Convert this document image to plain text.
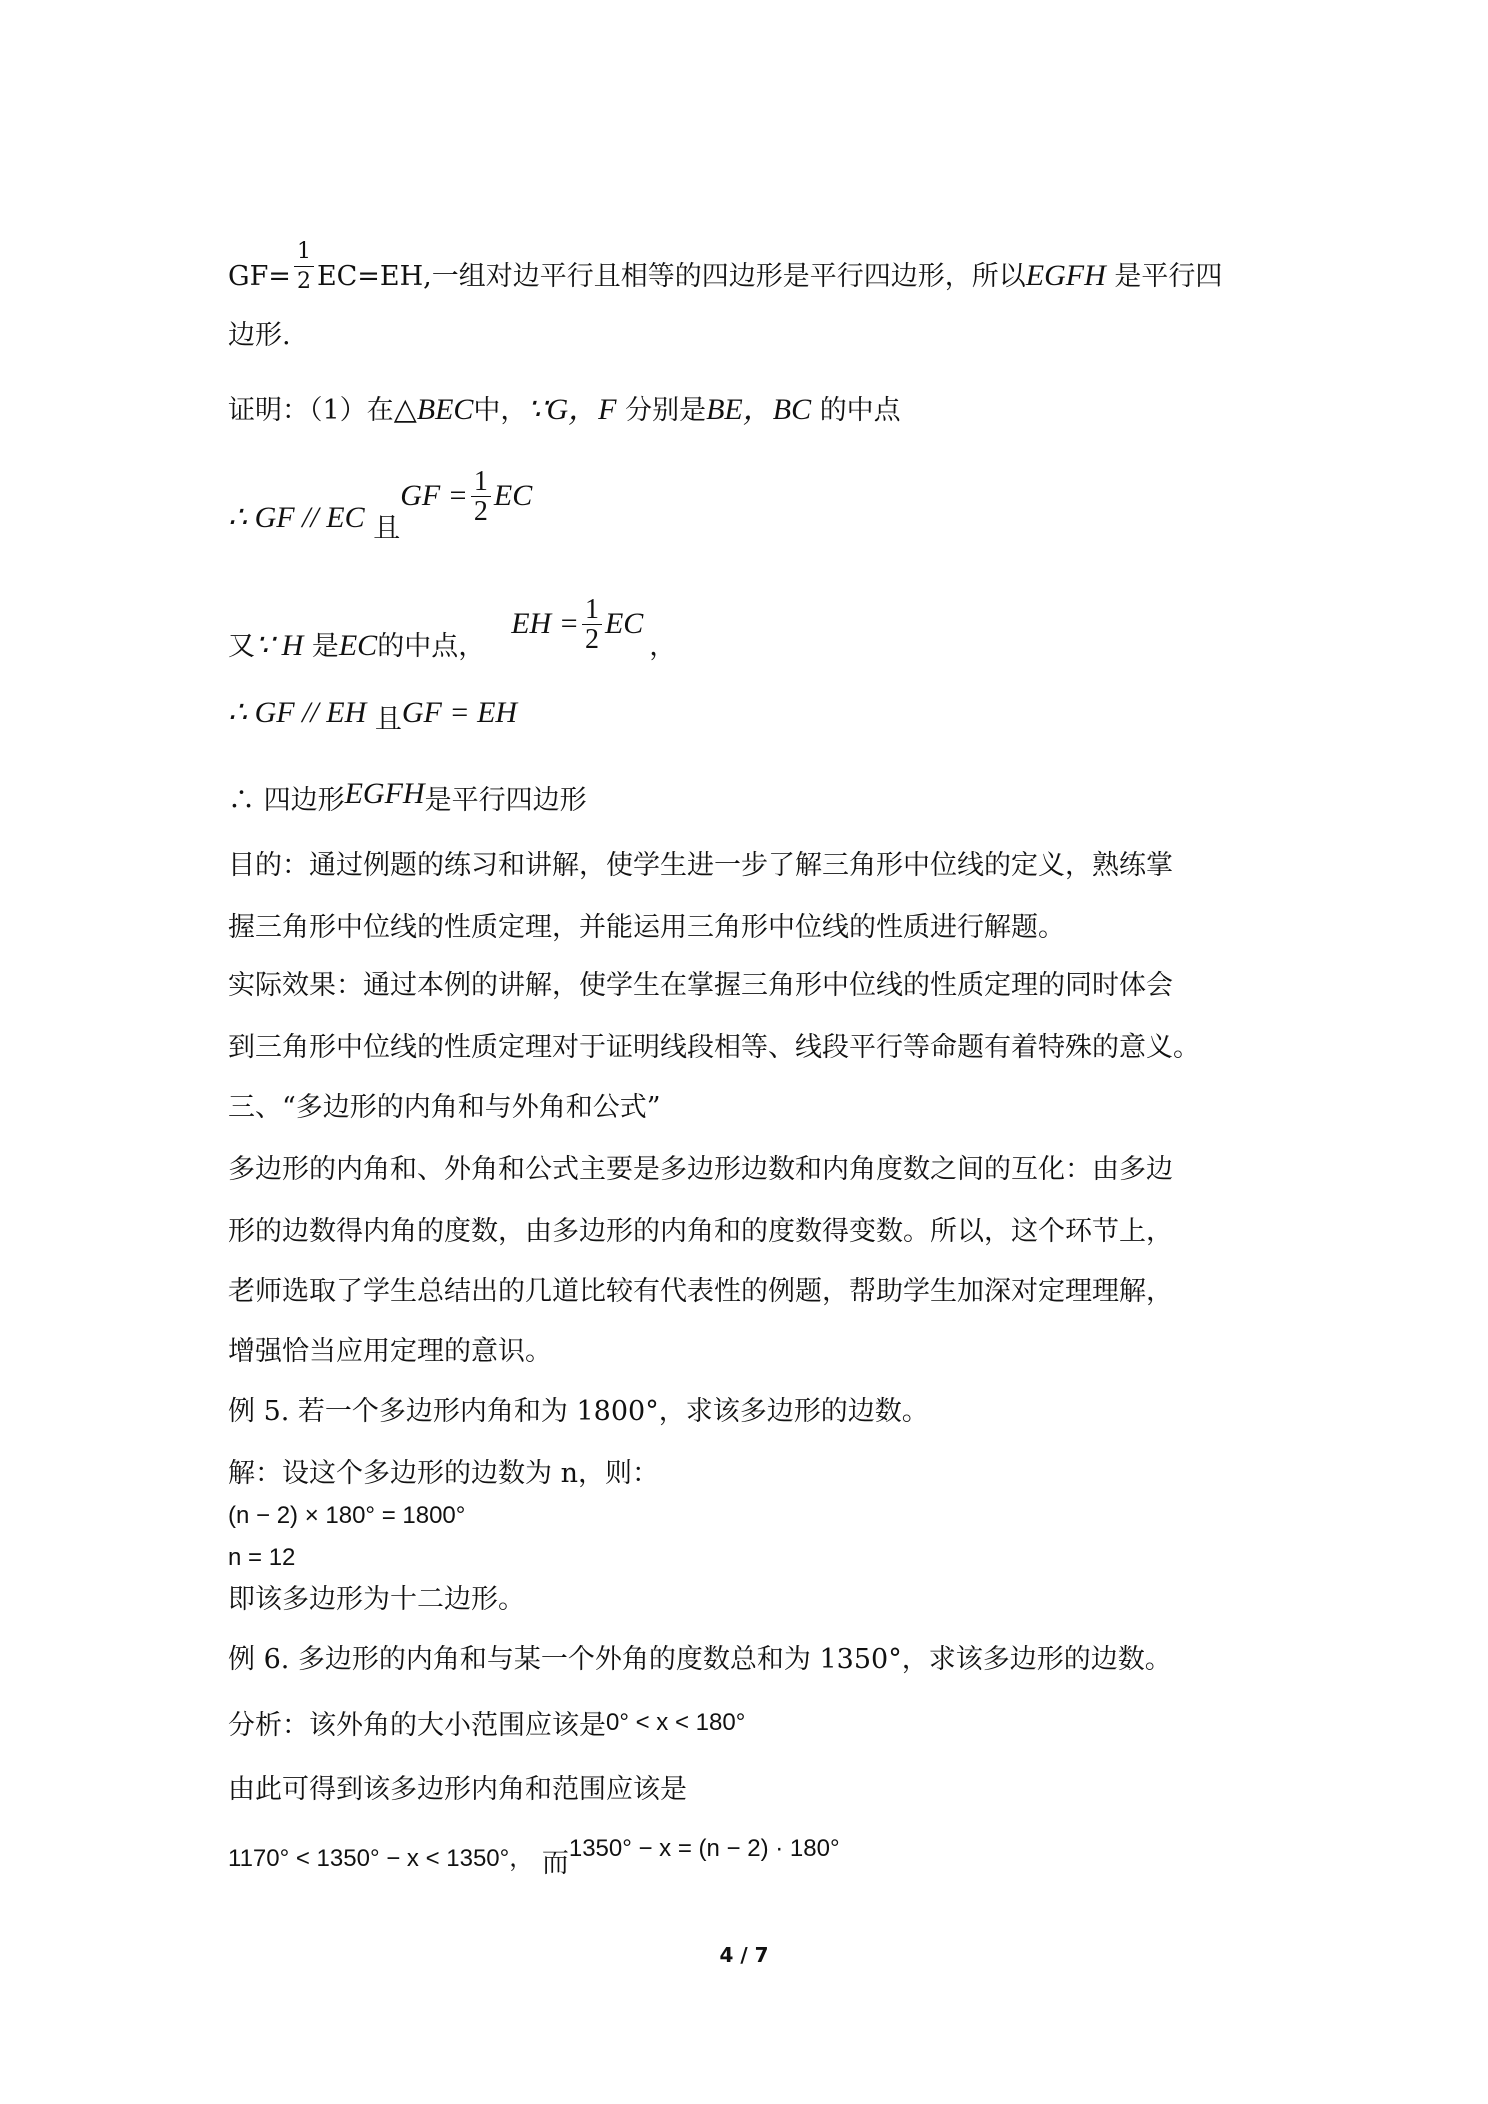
$GF= \frac{1}{2} EC=EH$,一组对边平行且相等的四边形是平行四边形，所以EGFH 是平行四
边形.
证明：（1）在△BEC中，∵G，F 分别是BE，BC 的中点
∴ GF // EC 且GF = $\frac{1}{2}$ EC
又∵ H 是EC的中点，EH = $\frac{1}{2}$ EC，
∴ GF // EH 且GF = EH
∴ 四边形EGFH是平行四边形
目的：通过例题的练习和讲解，使学生进一步了解三角形中位线的定义，熟练掌
握三角形中位线的性质定理，并能运用三角形中位线的性质进行解题。
实际效果：通过本例的讲解，使学生在掌握三角形中位线的性质定理的同时体会
到三角形中位线的性质定理对于证明线段相等、线段平行等命题有着特殊的意义。
三、“多边形的内角和与外角和公式”
多边形的内角和、外角和公式主要是多边形边数和内角度数之间的互化：由多边
形的边数得内角的度数，由多边形的内角和的度数得变数。所以，这个环节上，
老师选取了学生总结出的几道比较有代表性的例题，帮助学生加深对定理理解，
增强恰当应用定理的意识。
例 5. 若一个多边形内角和为 1800°，求该多边形的边数。
解：设这个多边形的边数为 n，则：
(n − 2) × 180° = 1800°
n = 12
即该多边形为十二边形。
例 6. 多边形的内角和与某一个外角的度数总和为 1350°，求该多边形的边数。
分析：该外角的大小范围应该是0° < x < 180°
由此可得到该多边形内角和范围应该是
1170° < 1350° − x < 1350°， 而1350° − x = (n − 2) · 180°
4 / 7
